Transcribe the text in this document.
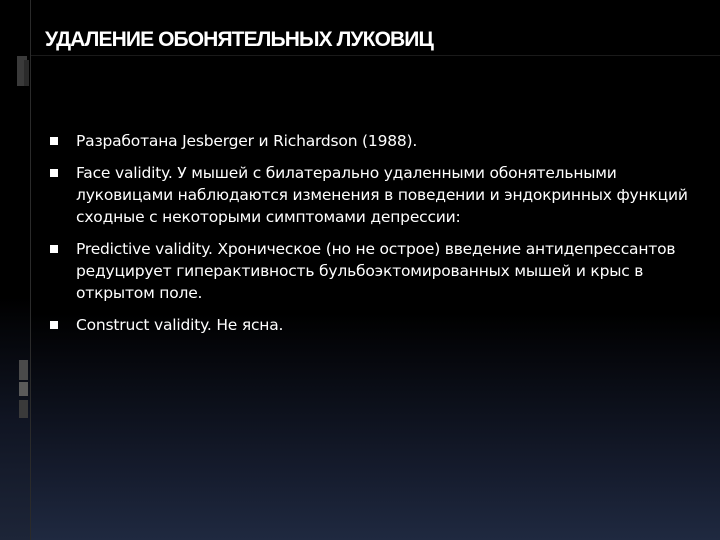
УДАЛЕНИЕ ОБОНЯТЕЛЬНЫХ ЛУКОВИЦ
Разработана Jesberger и Richardson (1988).
Face validity. У мышей с билатерально удаленными обонятельными луковицами наблюдаются изменения в поведении и эндокринных функций сходные с некоторыми симптомами депрессии:
Predictive validity. Хроническое (но не острое) введение антидепрессантов редуцирует гиперактивность бульбоэктомированных мышей и крыс в открытом поле.
Construct validity. Не ясна.
